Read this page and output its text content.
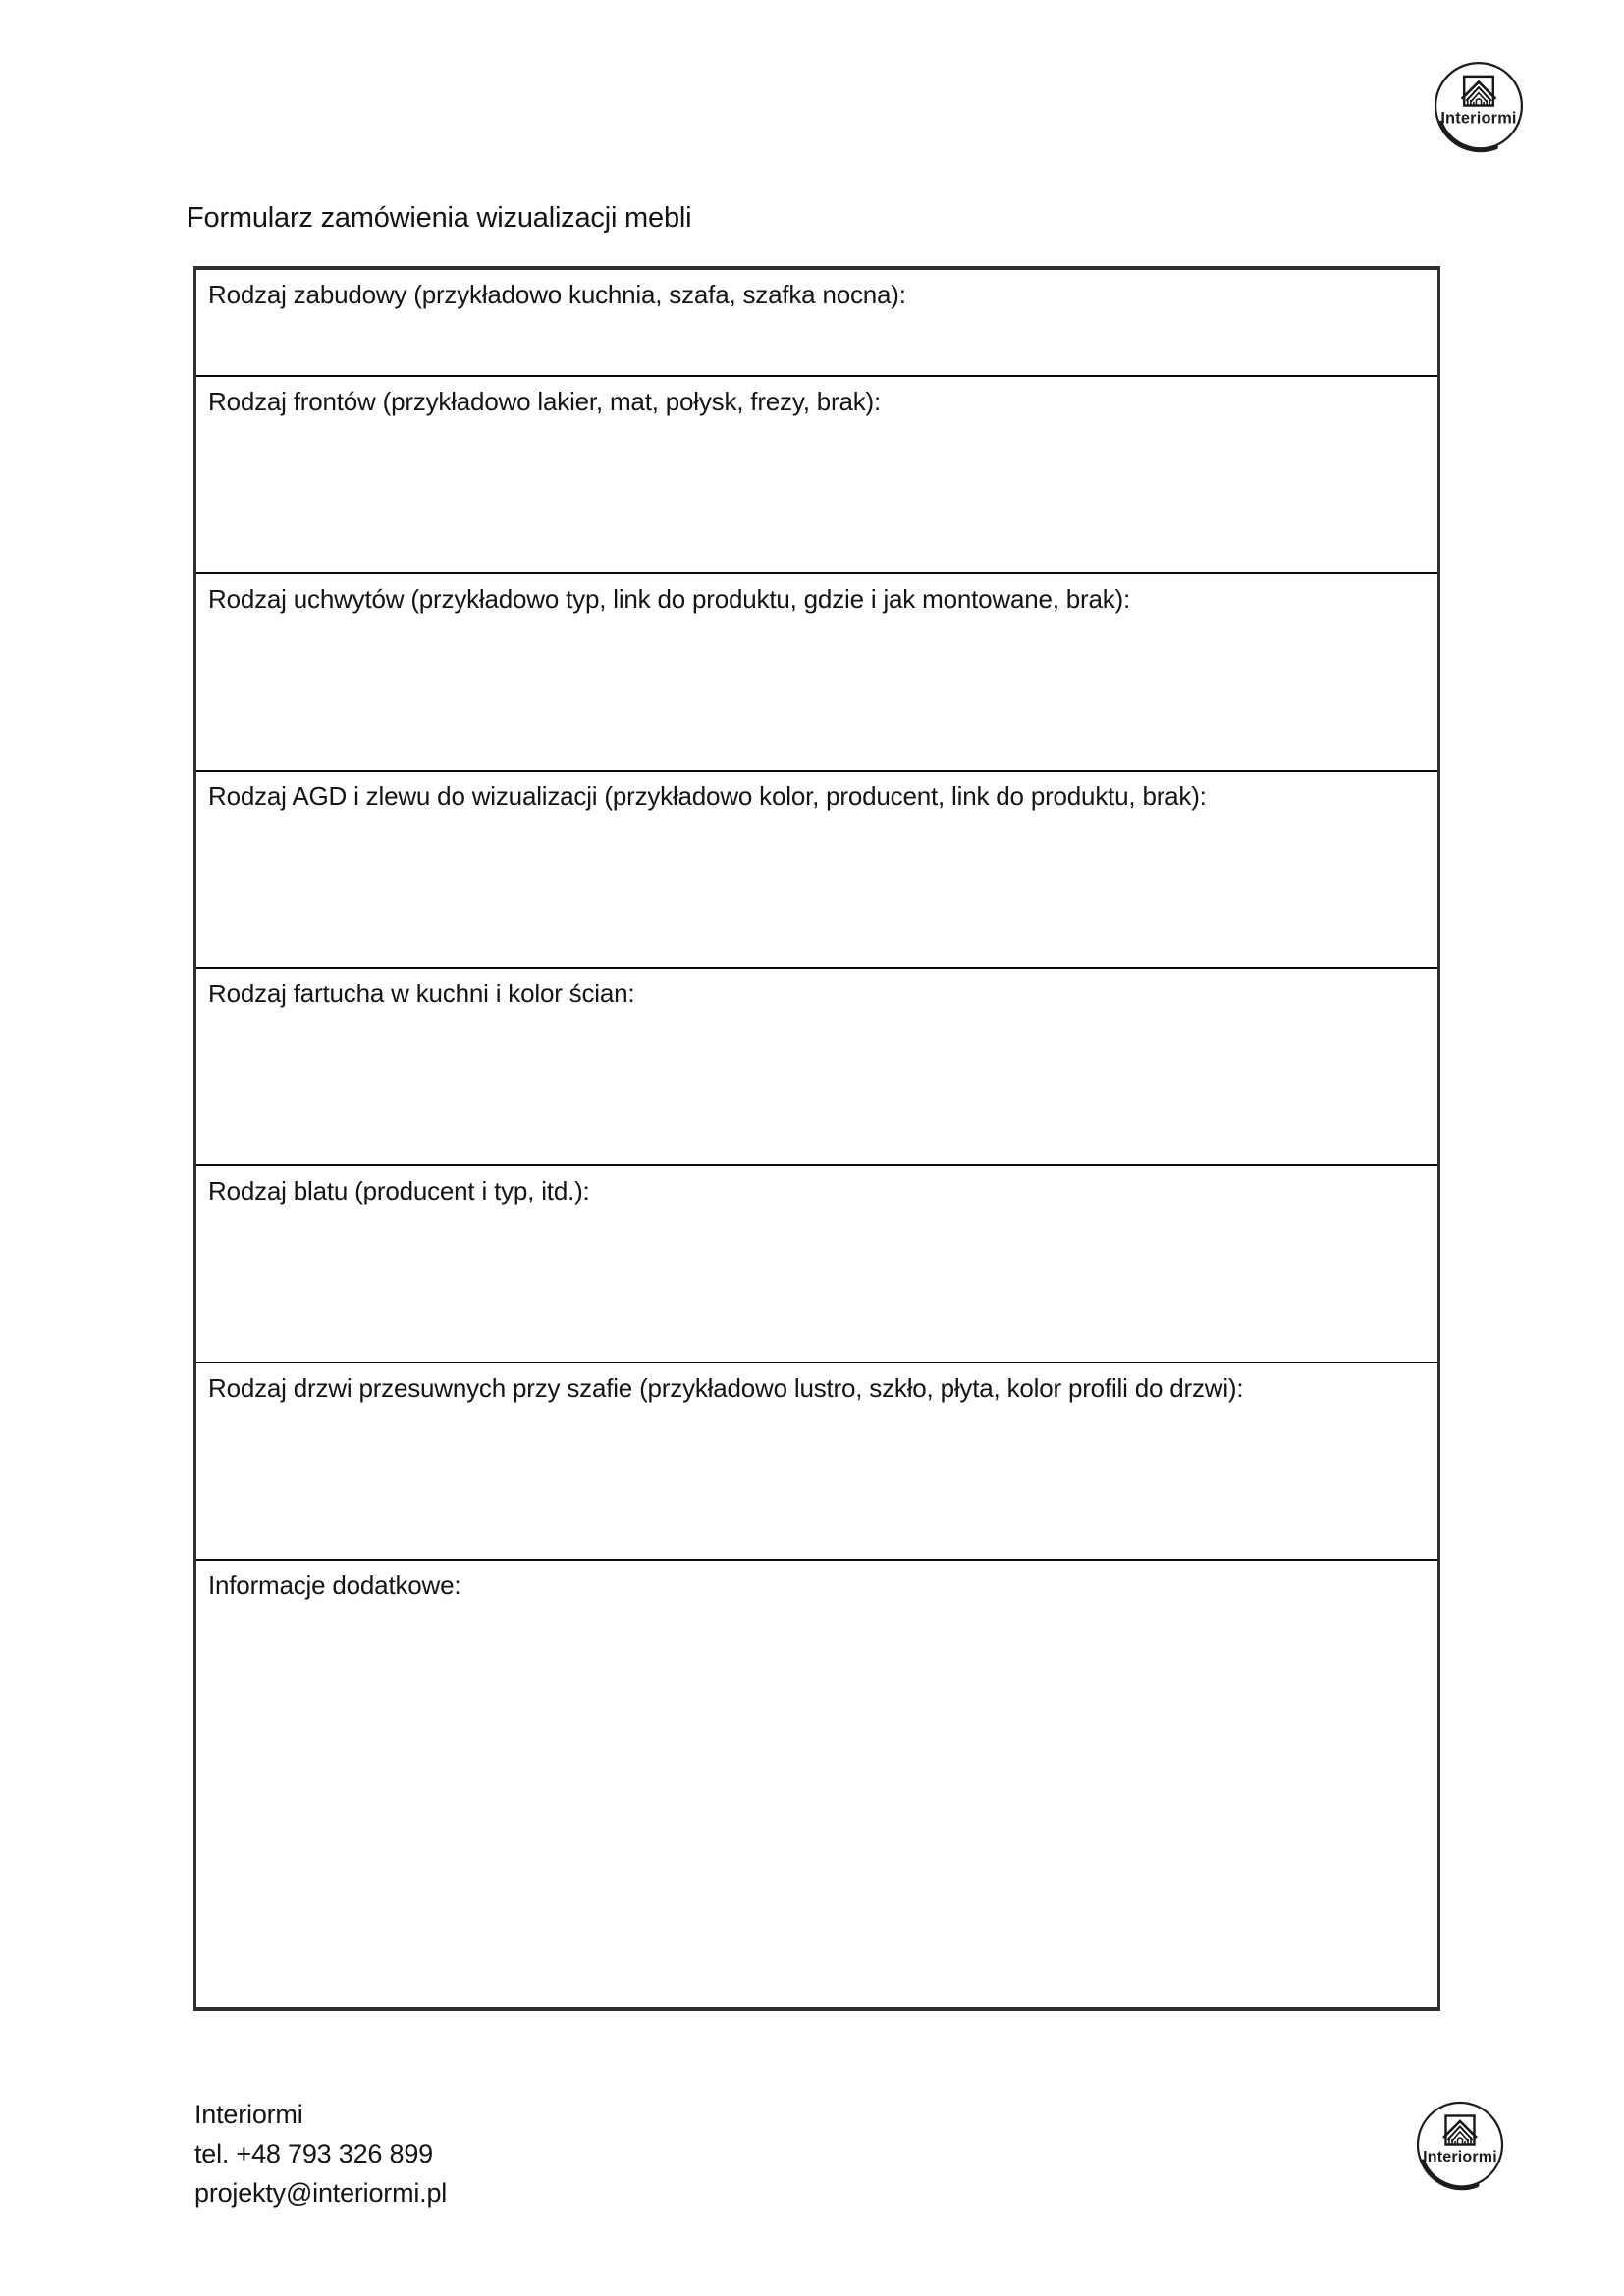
Interiormi
Formularz zamówienia wizualizacji mebli
Rodzaj zabudowy (przykładowo kuchnia, szafa, szafka nocna):
Rodzaj frontów (przykładowo lakier, mat, połysk, frezy, brak):
Rodzaj uchwytów (przykładowo typ, link do produktu, gdzie i jak montowane, brak):
Rodzaj AGD i zlewu do wizualizacji (przykładowo kolor, producent, link do produktu, brak):
Rodzaj fartucha w kuchni i kolor ścian:
Rodzaj blatu (producent i typ, itd.):
Rodzaj drzwi przesuwnych przy szafie (przykładowo lustro, szkło, płyta, kolor profili do drzwi):
Informacje dodatkowe:
Interiormi
tel. +48 793 326 899
projekty@interiormi.pl
Interiormi
